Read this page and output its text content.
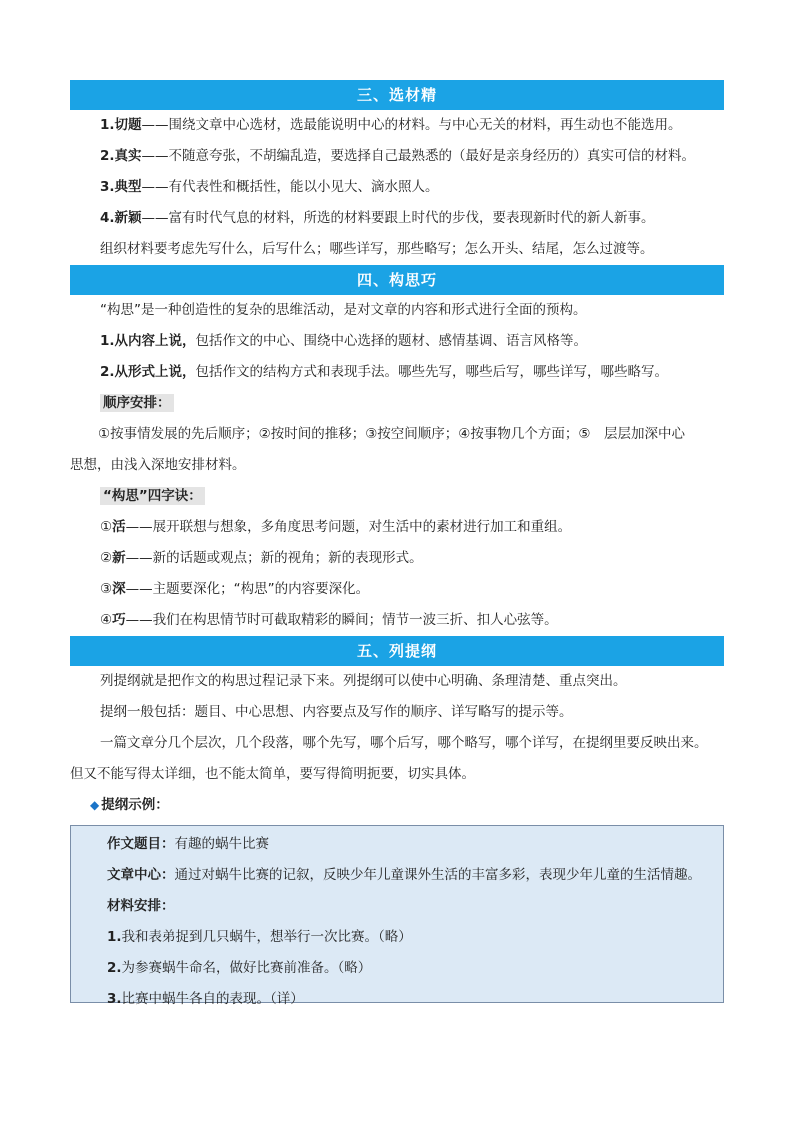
三、选材精
1.切题——围绕文章中心选材，选最能说明中心的材料。与中心无关的材料，再生动也不能选用。
2.真实——不随意夸张，不胡编乱造，要选择自己最熟悉的（最好是亲身经历的）真实可信的材料。
3.典型——有代表性和概括性，能以小见大、滴水照人。
4.新颖——富有时代气息的材料，所选的材料要跟上时代的步伐，要表现新时代的新人新事。
组织材料要考虑先写什么，后写什么；哪些详写，那些略写；怎么开头、结尾，怎么过渡等。
四、构思巧
“构思”是一种创造性的复杂的思维活动，是对文章的内容和形式进行全面的预构。
1.从内容上说，包括作文的中心、围绕中心选择的题材、感情基调、语言风格等。
2.从形式上说，包括作文的结构方式和表现手法。哪些先写，哪些后写，哪些详写，哪些略写。
顺序安排：
①按事情发展的先后顺序；②按时间的推移；③按空间顺序；④按事物几个方面；⑤　层层加深中心
思想，由浅入深地安排材料。
“构思”四字诀：
①活——展开联想与想象，多角度思考问题，对生活中的素材进行加工和重组。
②新——新的话题或观点；新的视角；新的表现形式。
③深——主题要深化；“构思”的内容要深化。
④巧——我们在构思情节时可截取精彩的瞬间；情节一波三折、扣人心弦等。
五、列提纲
列提纲就是把作文的构思过程记录下来。列提纲可以使中心明确、条理清楚、重点突出。
提纲一般包括：题目、中心思想、内容要点及写作的顺序、详写略写的提示等。
一篇文章分几个层次，几个段落，哪个先写，哪个后写，哪个略写，哪个详写，在提纲里要反映出来。
但又不能写得太详细，也不能太简单，要写得简明扼要，切实具体。
◆ 提纲示例：
作文题目：有趣的蜗牛比赛
文章中心：通过对蜗牛比赛的记叙，反映少年儿童课外生活的丰富多彩，表现少年儿童的生活情趣。
材料安排：
1.我和表弟捉到几只蜗牛，想举行一次比赛。（略）
2.为参赛蜗牛命名，做好比赛前准备。（略）
3.比赛中蜗牛各自的表现。（详）
